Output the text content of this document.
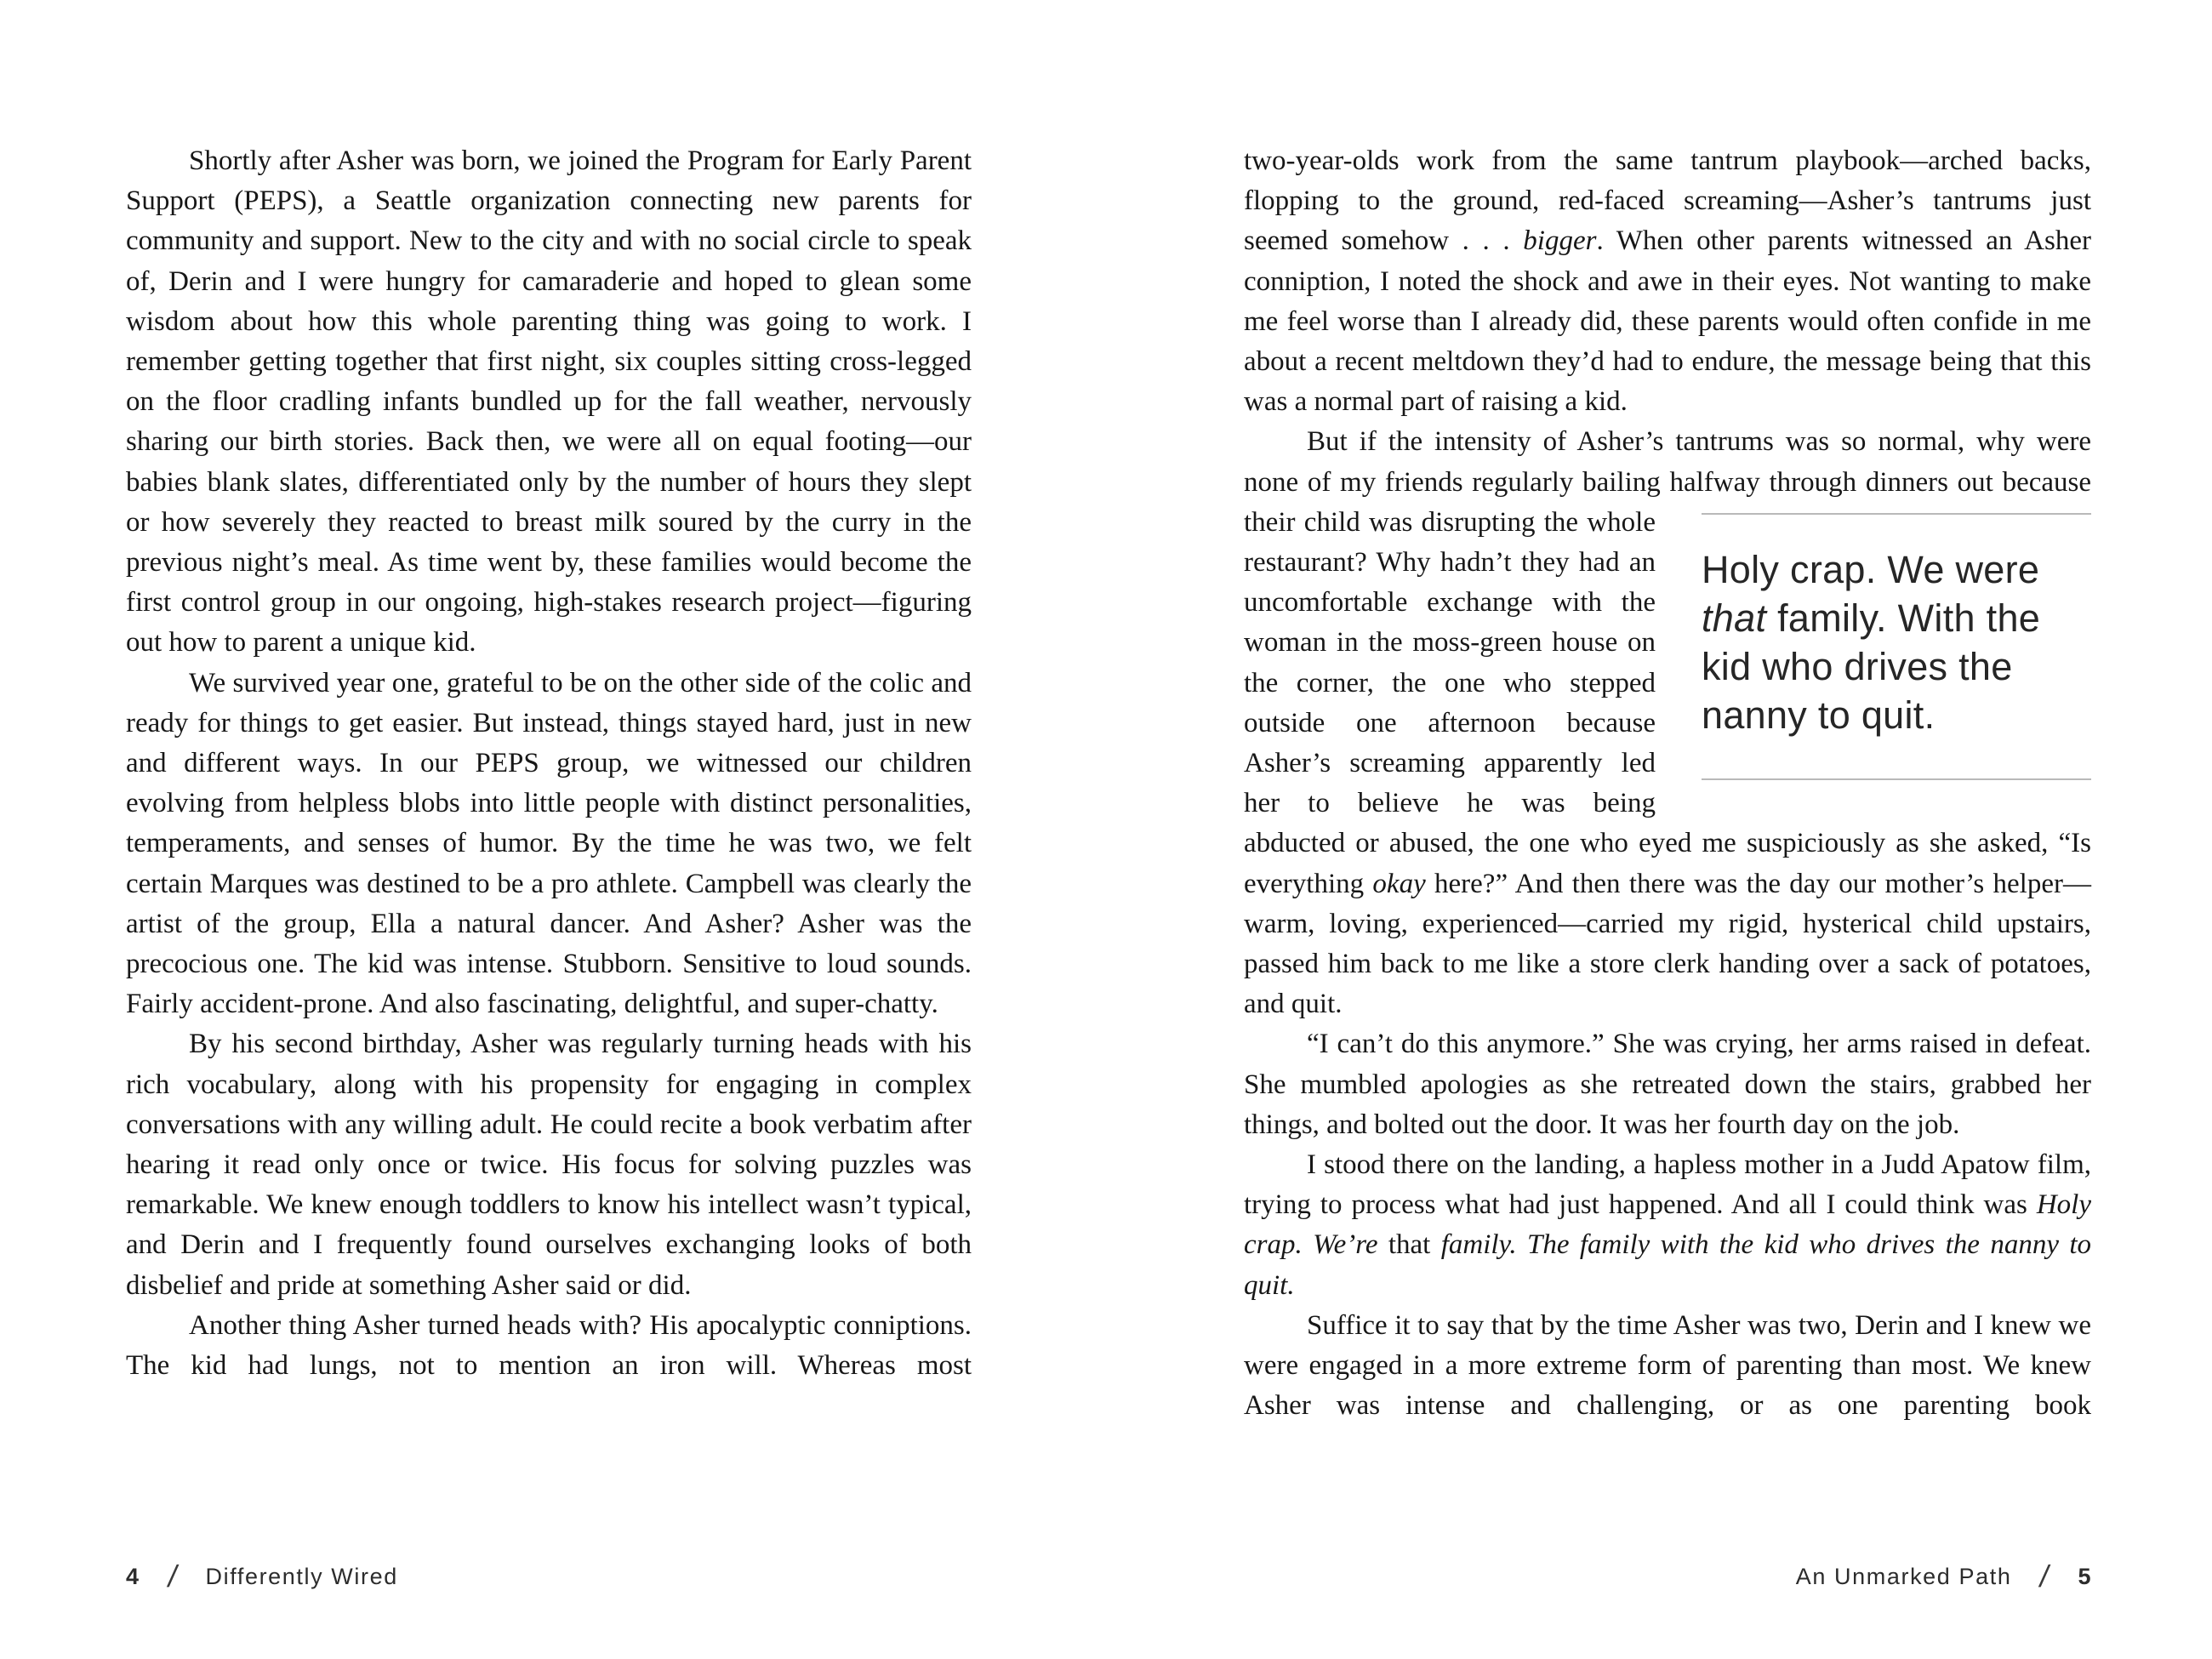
Shortly after Asher was born, we joined the Program for Early Parent Support (PEPS), a Seattle organization connecting new parents for community and support. New to the city and with no social circle to speak of, Derin and I were hungry for camaraderie and hoped to glean some wisdom about how this whole parenting thing was going to work. I remember getting together that first night, six couples sitting cross-legged on the floor cradling infants bundled up for the fall weather, nervously sharing our birth stories. Back then, we were all on equal footing—our babies blank slates, differentiated only by the number of hours they slept or how severely they reacted to breast milk soured by the curry in the previous night’s meal. As time went by, these families would become the first control group in our ongoing, high-stakes research project—figuring out how to parent a unique kid.

We survived year one, grateful to be on the other side of the colic and ready for things to get easier. But instead, things stayed hard, just in new and different ways. In our PEPS group, we witnessed our children evolving from helpless blobs into little people with distinct personalities, temperaments, and senses of humor. By the time he was two, we felt certain Marques was destined to be a pro athlete. Campbell was clearly the artist of the group, Ella a natural dancer. And Asher? Asher was the precocious one. The kid was intense. Stubborn. Sensitive to loud sounds. Fairly accident-prone. And also fascinating, delightful, and super-chatty.

By his second birthday, Asher was regularly turning heads with his rich vocabulary, along with his propensity for engaging in complex conversations with any willing adult. He could recite a book verbatim after hearing it read only once or twice. His focus for solving puzzles was remarkable. We knew enough toddlers to know his intellect wasn’t typical, and Derin and I frequently found ourselves exchanging looks of both disbelief and pride at something Asher said or did.

Another thing Asher turned heads with? His apocalyptic conniptions. The kid had lungs, not to mention an iron will. Whereas most

two-year-olds work from the same tantrum playbook—arched backs, flopping to the ground, red-faced screaming—Asher’s tantrums just seemed somehow . . . bigger. When other parents witnessed an Asher conniption, I noted the shock and awe in their eyes. Not wanting to make me feel worse than I already did, these parents would often confide in me about a recent meltdown they’d had to endure, the message being that this was a normal part of raising a kid.

But if the intensity of Asher’s tantrums was so normal, why were none of my friends regularly bailing halfway through dinners out
Holy crap. We were that family. With the kid who drives the nanny to quit.
because their child was disrupting the whole restaurant? Why hadn’t they had an uncomfortable exchange with the woman in the moss-green house on the corner, the one who stepped outside one afternoon because Asher’s screaming apparently led her to believe he was being abducted or abused, the one who eyed me suspiciously as she asked, “Is everything okay here?” And then there was the day our mother’s helper—warm, loving, experienced—carried my rigid, hysterical child upstairs, passed him back to me like a store clerk handing over a sack of potatoes, and quit.

“I can’t do this anymore.” She was crying, her arms raised in defeat. She mumbled apologies as she retreated down the stairs, grabbed her things, and bolted out the door. It was her fourth day on the job.

I stood there on the landing, a hapless mother in a Judd Apatow film, trying to process what had just happened. And all I could think was Holy crap. We’re that family. The family with the kid who drives the nanny to quit.

Suffice it to say that by the time Asher was two, Derin and I knew we were engaged in a more extreme form of parenting than most. We knew Asher was intense and challenging, or as one parenting book

4 / Differently Wired	An Unmarked Path / 5
